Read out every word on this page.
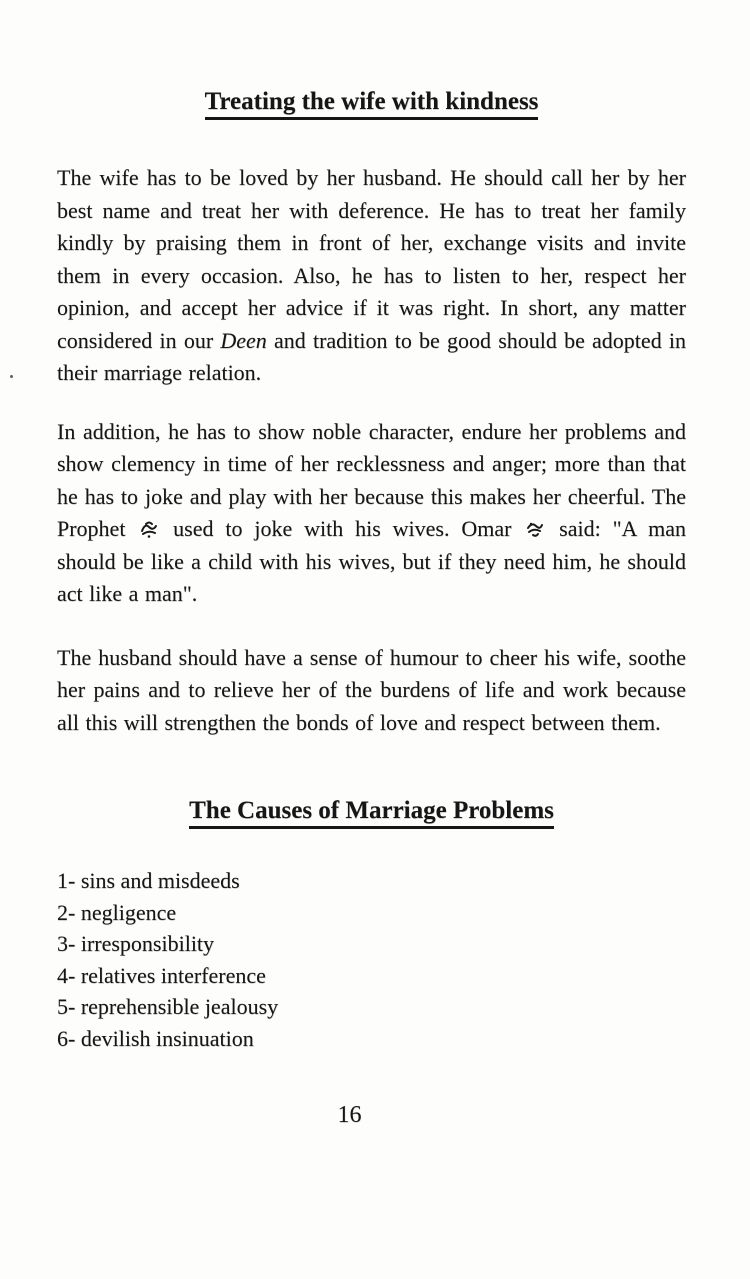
Treating the wife with kindness

The wife has to be loved by her husband. He should call her by her best name and treat her with deference. He has to treat her family kindly by praising them in front of her, exchange visits and invite them in every occasion. Also, he has to listen to her, respect her opinion, and accept her advice if it was right. In short, any matter considered in our Deen and tradition to be good should be adopted in their marriage relation.

In addition, he has to show noble character, endure her problems and show clemency in time of her recklessness and anger; more than that he has to joke and play with her because this makes her cheerful. The Prophet
used to joke with his wives. Omar
said: "A man should be like a child with his wives, but if they need him, he should act like a man".

The husband should have a sense of humour to cheer his wife, soothe her pains and to relieve her of the burdens of life and work because all this will strengthen the bonds of love and respect between them.

The Causes of Marriage Problems
1- sins and misdeeds
2- negligence
3- irresponsibility
4- relatives interference
5- reprehensible jealousy
6- devilish insinuation
16
